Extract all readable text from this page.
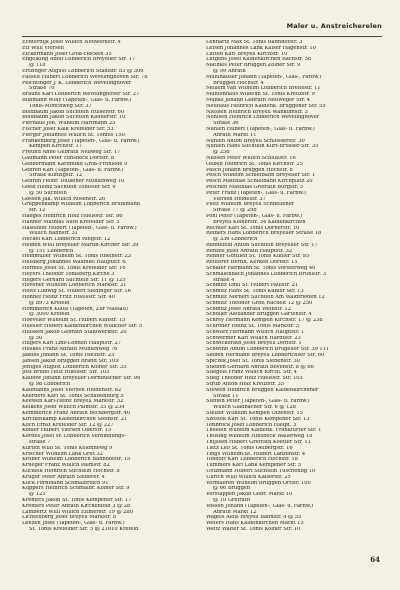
Maler u. Anstreicherelen
Echterdijk Josef Willich Neuwerkstr. 4
Eff Willi Viersen
Eickermann Josef Groß-Hocken 35
Engelking Adolf Lobberich Breyeller Str. 17
@ 118
Ertzinger August Lobberich Stahlstr. 83 @ 306
Fasselt Hubert Lobberich Wevelinghoven Str. 78
Feichtinger J. K. Lobberich Wevelinghover
Straße 70
Brauns Karl Lobberich Wevelinghover Str. 27
Bühmann Willy (Tapeten-, Glas- u. Farbw.)
Tönis-Mönchweg Str. 37
Boldbaum Jakob Süchteln Hülserstr. 60
Boldbaum Jakob Süchteln Kleinerstr. 10
Fierhaus Joh. Wilhelm Hartmann 25
Fischer Josef Kalk Krefelder Str. 53
Flerger Johannes Willich St. Tönnis 150
Frankenberg Josef (Tapeten-, Glas- u. Farbw.)
Kempen Kirchstr. 17
Freund Anne Gebrath Neuweg Str. 17
Gaumann Peter Hinsbeck Dorfstr. 8
Gebbermann Karlmund Groß-Frönlede 9
Gehren Karl (Tapeten-, Glas- u. Farbw.)
Straße Künzigstr. 12
Gehren Heinr. Dülkener Mühlenweg 10
Goeb Heinz Süchteln Tönisser Str. 9
@ 50 Süchteln
Gossen Jak. Willich Rosenstr. 26
Gruppenkamp Wilhelm Lobberich Brühlmann
str. 12
Haeges Heinrich Holz Hüelsstr. Str. 86
Hahner Mathias Auth Krefelder Str. 5
Haselhoff Hubert (Tapeten-, Glas- u. Farbw.)
Willich Bahnstr. 31
Heckel Karl Lobberich Ringstr. 12
Heinen Willi Breyeller Martin-Kircher Str. 39
@ 151 Lobberich
Heinmüller Wilhelm St. Tönis Rheinstr. 23
Helsberg Johannes Waldniel Hauptstr. 6
Hermes Josef St. Tönis Krefelder Str. 16
Heyers Theodor Tönisberg Kirche 3
Hilgers Gerhard Süchteln Str. 11 @ 125
Hövener Wilhelm Lobberich Markstr. 31
Holtz Ludwig St. Hubert Siedinger Str. 16
Honnef Heinz Fritz Hüelsstr. Str. 40
@ 8973 Krefeld
Hommerich Klaus (Tapeten, Zur Nassau)
@ 3000 Krefeld
Hoeveler Wilhelm St. Hubert Kuhstr. 15
Huesler Hubert Kaldenkirchen Willicher Str. 5
Hülsken Jakob Gebrath Stahlwerkstr. 20
@ 50
Hilgers Karl Linz-Lehnen Hauptstr. 27
Hüskes Franz Anrath Mühlenweg 76
Jakobs Johann St. Tönis Hochstr. 25
Jansen Jakob Brüggen Brand Str. 109
Jentges August Lobberich Kölner Str. 35
Jöst Bruno Holz Hüelsstr. Str. 103
Kalbow Johann Breyeller Dornbuscher Str. 98
@ 98 Lobberich
Kaumanns Josef Viersen Heidenstr. 82
Keerders Karl St. Tönis Schaffenburg 5
Keewen Karl-Heinz Breyell Markstr. 32
Kelkens Josef Willich Palmstr. 35 @ 234
Kemmerich Franz Anrath Beckbergstr. 40
Kirchenkamp Kaldenkirchen Steinstr. 21
Koch Ernst Krefelder Str. 12 @ 227
Köhler Hubert Viersen Oberstr. 15
Kordes Josef sr. Lobberich Verbindungs-
straße 7
Kürten Willi St. Tönis Kolonnewg 9
Krischer Wilhelm Lank Grut 32
Kröber Wilhelm Lobberich Bahnhofstr. 15
Krueger Franz Willich Palmstr. 82
Kuckelk Heinrich Süchteln Hochstr. 8
Krüger Peter Anrath Sieberer. 4
Kück Ferdinand Schmalbroich 91
Kuppers Heinrich Schmalbr. Kölner Str. 9
@ 125
Kremers Jakob St. Tönis Kempener Str. 17
Kremers Peter Anrath Kirchenfeld 3 @ 28
Lambertz Willi Willich Eltmerstr. 19 @ 280
Lichtenberg Josef Breyell Markstr. 8
Lenzen Josef (Tapeten-, Glas- u. Farbw.)
St. Tönis Krefelder Str. 5 @ 21010 Krefeld
Lennartz Max St. Tönis Bahnhofstr. 3
Lefsen Johannes Lank Kaiser Hagenstr. 10
Lütten Karl Breyell Kirchstr. 10
Lütgens Josef Kaldenkirchen Bachstr. 38
Mathies Peter Brüggen Zolder Str. 9
@ 99 Anrath
Mühlhauser Johann (Tapeten-, Glas-, Farbw.)
Brüggen Hochstr. 4
Mollem van Wilhelm Lobberich Breitestr. 11
Mühlenhaus Wilhelm St. Tönis Kreuzstr. 9
Münks Johann Gebrath Neuweger Str. 4
Neuhaus Heinrich Kaldenk. Bruggener Str. 55
Niessen Heinrich Breyell Wankumstr. 3
Nöhlsen Heinrich Lobberich Wevelinghover
Straße 36
Nühlen Hubert (Tapeten-, Glas- u. Farbw.)
Anrath Markt 11
Nühlen Anton Breyell Schlosserstr. 30
Nühlen Hans Süchteln Kurt-Brüsser-Str. 35
@ 258
Nüssen Peter Willich Schlußstr. 16
Oeben Heinrich St. Tönis Kirchstr. 25
Pasch Johann Brüggen Hochstr. 8
Pesch Wilhelm Schiefbahn Breyeller Str. 1
Pesch Matthias Schiefbahn Kirchplatz 20
Peschen Matthias Grefrath Burgstr. 5
Peter Franz (Tapeten-, Glas- u. Farbw.)
Viersen Heidestr. 37
Plötz Wilhelm Breyell Schnellener
Straße 77 @ 298
Pohl Peter (Tapeten-, Glas- u. Farbw.)
Breyell Kölnerstr. 34 Kaldenkirchen
Rechter Karl St. Tönis Dörnerstr. 10
Reiners Hans Lobberich Breyeller Straße 18
@ 336 Lobberich
Rennefeld Anton Süchteln Breyeller Str. 17
Renzes Josef Anrath Hauptstr. 32
Renner Gottlieb St. Tönis Kuhler Str. 95
Reuterer Bernh. Kerken Dorfstr. 15
Schäfer Hermann St. Tönis Vorsterweg 40
Schmalenbach Johannes Lobberich Brühlstr. 3
straße 4
Schmitz Emil St. Hubert Paulstr. 21
Schmitz Hans St. Tönis Kuhler Str. 13
Schmitz Norbert Süchteln Am Waldfrieden 12
Schmitz Theodor Groß Rachelt 12 @ 250
Schmitz Josef Anrath Weinstr. 12
Schöller Alexander Brüggen Gartenstr. 4
Schrey Hermann Kempen Kirchstr. 17 @ 238
Schröder Heinz St. Tönis Markstr. 5
Schwarz Hermann Willich Hauptstr. 1
Schwermer Karl Willich Hardtstr. 23
Schwickerath Josef Breyell Dorfstr. 1
Schwinn Anton Lobberich Brugeuer Str. 39 111
Sieben Hermann Breyell Lobberichser Str. 60
Spiczek Josef St. Tönis Siebenstr. 30
Stieben Gerhard Anrath Bovenstr. 8 @ 66
Stiegels Franz Willich Kirchl. Str. 4
Stieg Theodor Holz Hüelsstr. Str. 103
Strüb Anton Holz Kreuzstr. 35
Stüwen Heinrich Brüggen Kaldenkirchener
Straße 11
Steffen Peter (Tapeten-, Glas- u. Farbw.)
Willich Gladbacher Str. 6 @ 128
Stelzer Wilhelm Kempen Otzenstr. 15
Szostek Karl St. Tönis Kempener Str. 13
Tenbrock Josef Lobberich Haupt. 3
Theelen Wilhelm Kaldenk. Frankfurter Str. 1
Thüsing Wilhelm Hinsbeck Wallerweg 18
Thijssen Hubert Grefrath Koetter Str. 11
Tietz Leo St. Tönis Oelbergstr. 16
Tings Wilhelm St. Hubert Lanzenstr. 4
Tondorf Karl Lobberich Hochstr. 18
Tümmers Karl Lank Kempener Str. 5
Uetzmann Hubert Süchteln Tüschenbg 10
Ullrich Willi Willich Kaiserstr. 25
Vermaeren Wilhelm Brüggen Ortstr. 100
@ 66 Brüggen
Verstappen Jakob Gebr. Markt 10
@ 10 Grefrath
Vossen Johann (Tapeten-, Glas- u. Farbw.)
Anrath Markt 12
Wagels Alois Breyell Bahnstr. 4 @ 55
Wefers Hans Kaldenkirchen Markt 15
Weitz Walter St. Tönis Kölner Str. 10
64
